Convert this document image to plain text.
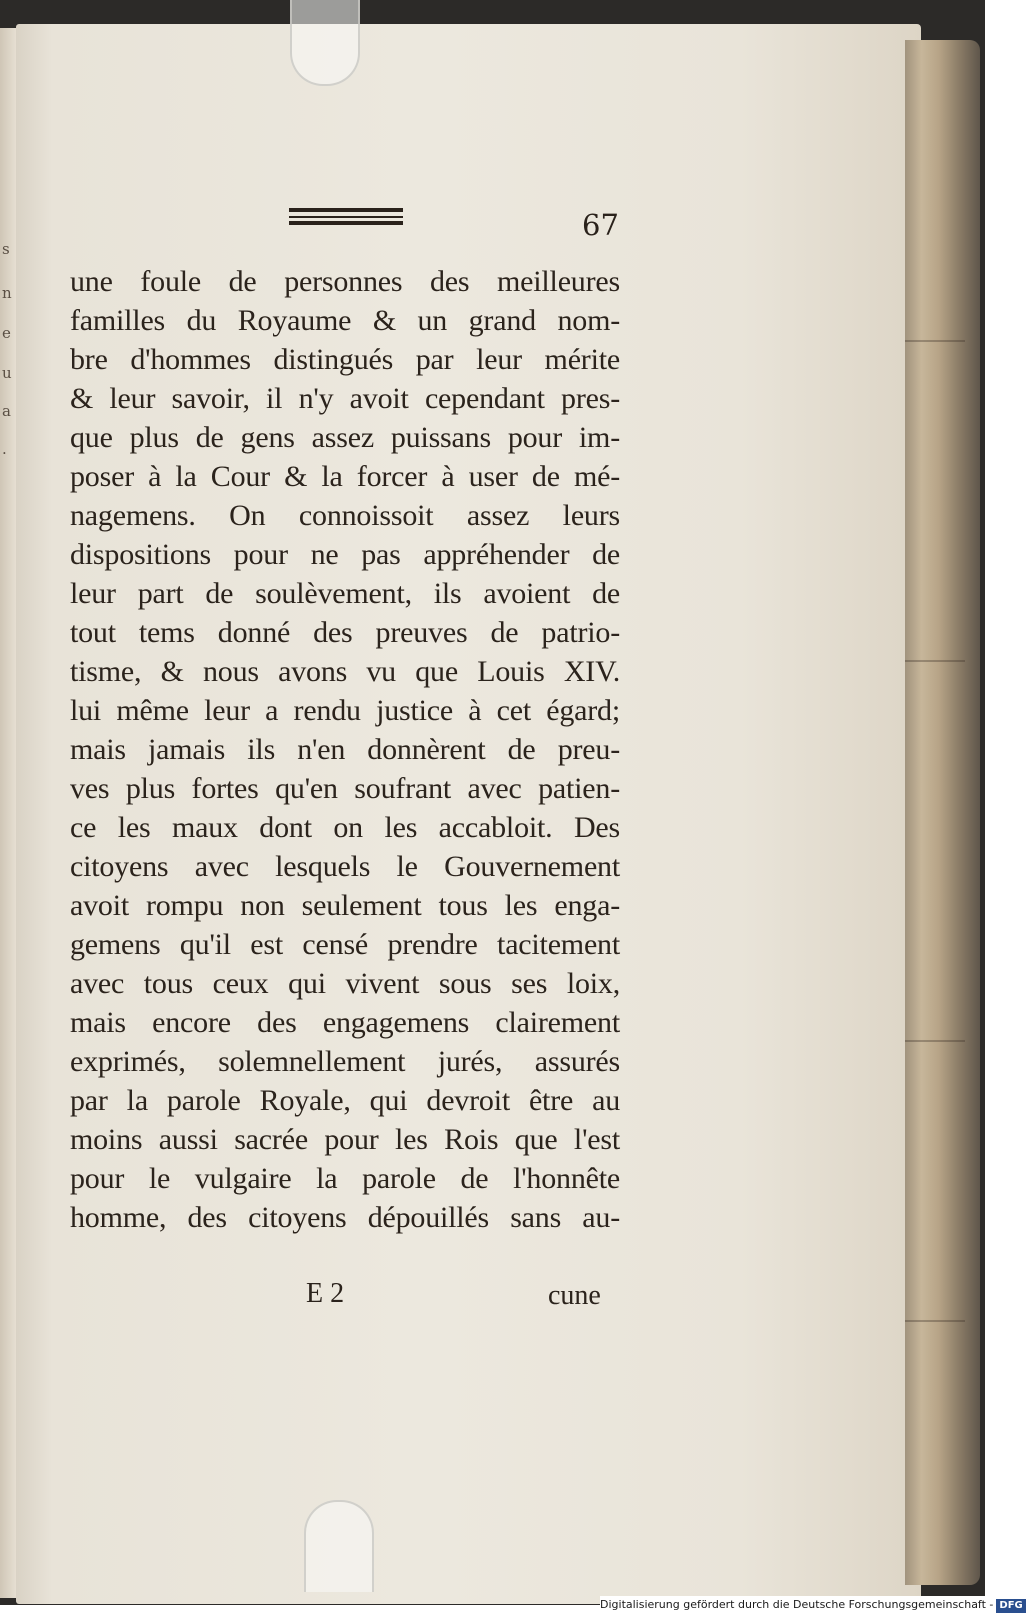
s
n
e
u
a
.
67
une foule de personnes des meilleures
familles du Royaume & un grand nom-
bre d'hommes distingués par leur mérite
& leur savoir, il n'y avoit cependant pres-
que plus de gens assez puissans pour im-
poser à la Cour & la forcer à user de mé-
nagemens. On connoissoit assez leurs
dispositions pour ne pas appréhender de
leur part de soulèvement, ils avoient de
tout tems donné des preuves de patrio-
tisme, & nous avons vu que Louis XIV.
lui même leur a rendu justice à cet égard;
mais jamais ils n'en donnèrent de preu-
ves plus fortes qu'en soufrant avec patien-
ce les maux dont on les accabloit. Des
citoyens avec lesquels le Gouvernement
avoit rompu non seulement tous les enga-
gemens qu'il est censé prendre tacitement
avec tous ceux qui vivent sous ses loix,
mais encore des engagemens clairement
exprimés, solemnellement jurés, assurés
par la parole Royale, qui devroit être au
moins aussi sacrée pour les Rois que l'est
pour le vulgaire la parole de l'honnête
homme, des citoyens dépouillés sans au-
E 2	cune
Digitalisierung gefördert durch die Deutsche Forschungsgemeinschaft - DFG
